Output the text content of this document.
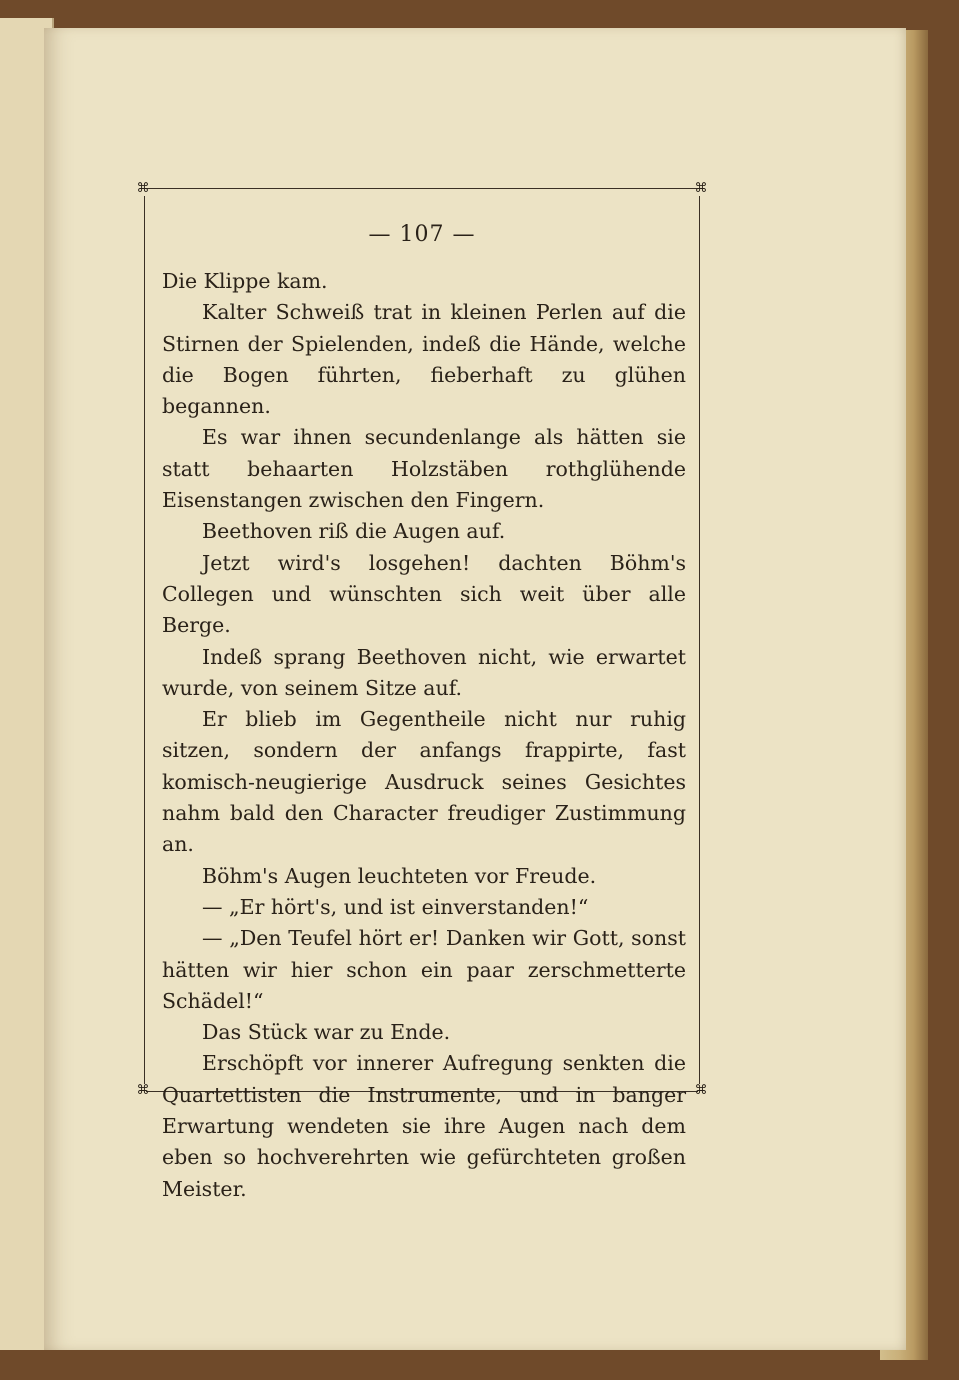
⌘	⌘
⌘	⌘
— 107 —

Die Klippe kam.

Kalter Schweiß trat in kleinen Perlen auf die Stirnen der Spielenden, indeß die Hände, welche die Bogen führten, fieberhaft zu glühen begannen.

Es war ihnen secundenlange als hätten sie statt behaarten Holzstäben rothglühende Eisenstangen zwischen den Fingern.

Beethoven riß die Augen auf.

Jetzt wird's losgehen! dachten Böhm's Collegen und wünschten sich weit über alle Berge.

Indeß sprang Beethoven nicht, wie erwartet wurde, von seinem Sitze auf.

Er blieb im Gegentheile nicht nur ruhig sitzen, sondern der anfangs frappirte, fast komisch-neugierige Ausdruck seines Gesichtes nahm bald den Character freudiger Zustimmung an.

Böhm's Augen leuchteten vor Freude.

— „Er hört's, und ist einverstanden!“

— „Den Teufel hört er! Danken wir Gott, sonst hätten wir hier schon ein paar zerschmetterte Schädel!“

Das Stück war zu Ende.

Erschöpft vor innerer Aufregung senkten die Quartettisten die Instrumente, und in banger Erwartung wendeten sie ihre Augen nach dem eben so hochverehrten wie gefürchteten großen Meister.
